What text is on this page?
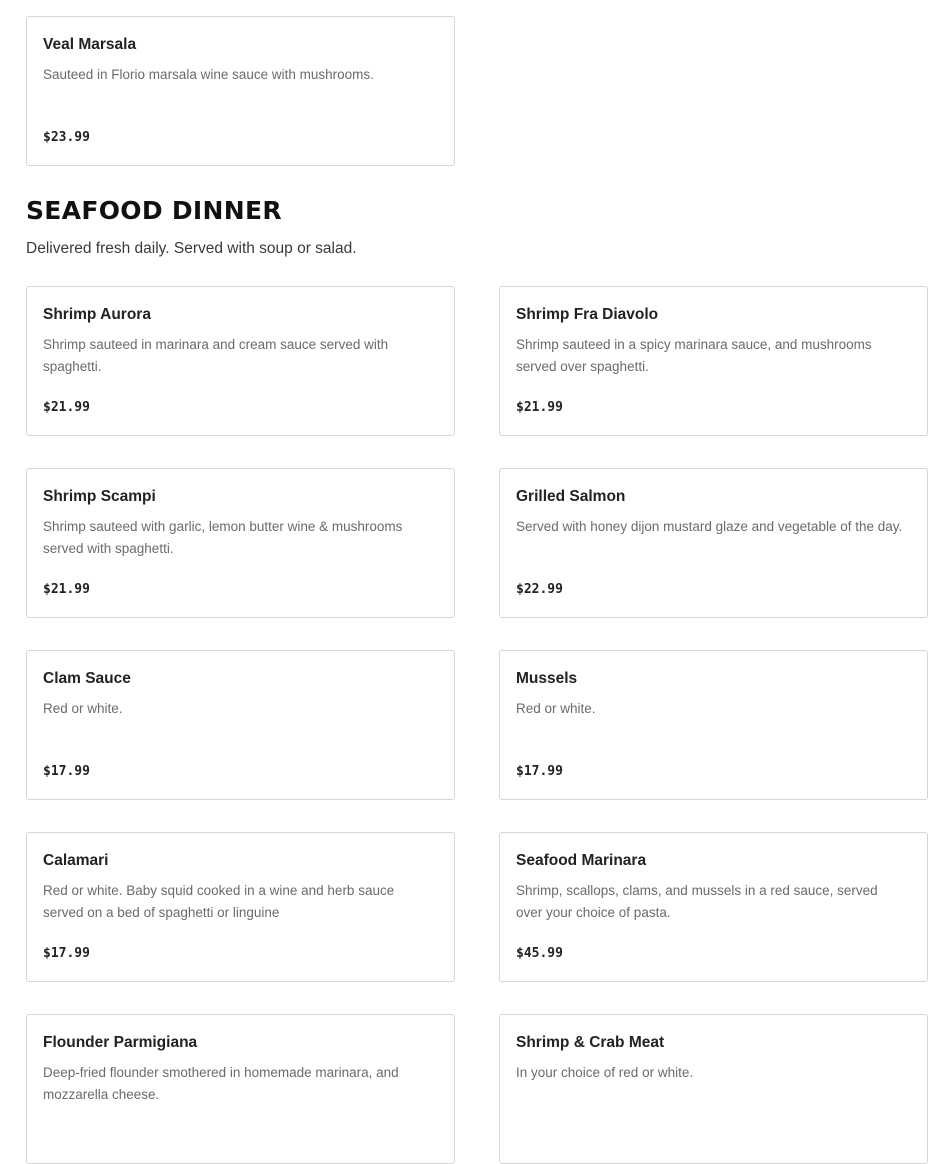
Veal Marsala
Sauteed in Florio marsala wine sauce with mushrooms.
$23.99
SEAFOOD DINNER
Delivered fresh daily. Served with soup or salad.
Shrimp Aurora
Shrimp sauteed in marinara and cream sauce served with spaghetti.
$21.99
Shrimp Fra Diavolo
Shrimp sauteed in a spicy marinara sauce, and mushrooms served over spaghetti.
$21.99
Shrimp Scampi
Shrimp sauteed with garlic, lemon butter wine & mushrooms served with spaghetti.
$21.99
Grilled Salmon
Served with honey dijon mustard glaze and vegetable of the day.
$22.99
Clam Sauce
Red or white.
$17.99
Mussels
Red or white.
$17.99
Calamari
Red or white. Baby squid cooked in a wine and herb sauce served on a bed of spaghetti or linguine
$17.99
Seafood Marinara
Shrimp, scallops, clams, and mussels in a red sauce, served over your choice of pasta.
$45.99
Flounder Parmigiana
Deep-fried flounder smothered in homemade marinara, and mozzarella cheese.
Shrimp & Crab Meat
In your choice of red or white.
